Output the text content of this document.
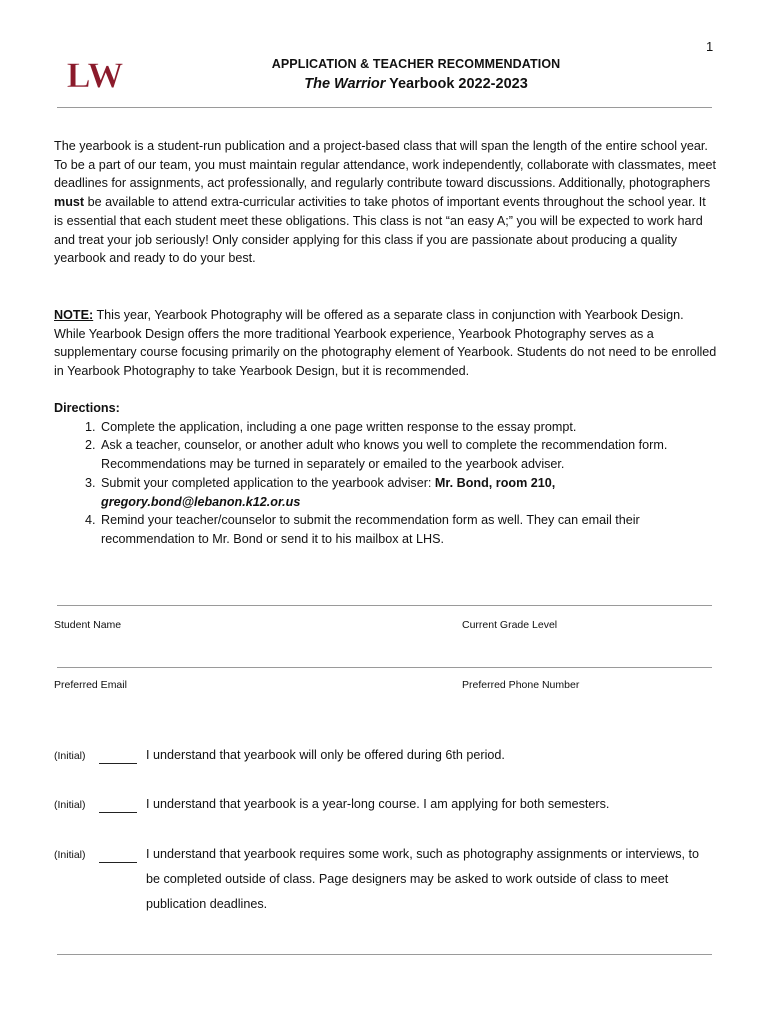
1
LW	APPLICATION & TEACHER RECOMMENDATION
The Warrior Yearbook 2022-2023

The yearbook is a student-run publication and a project-based class that will span the length of the entire school year. To be a part of our team, you must maintain regular attendance, work independently, collaborate with classmates, meet deadlines for assignments, act professionally, and regularly contribute toward discussions. Additionally, photographers must be available to attend extra-curricular activities to take photos of important events throughout the school year. It is essential that each student meet these obligations. This class is not “an easy A;” you will be expected to work hard and treat your job seriously! Only consider applying for this class if you are passionate about producing a quality yearbook and ready to do your best.

NOTE: This year, Yearbook Photography will be offered as a separate class in conjunction with Yearbook Design. While Yearbook Design offers the more traditional Yearbook experience, Yearbook Photography serves as a supplementary course focusing primarily on the photography element of Yearbook. Students do not need to be enrolled in Yearbook Photography to take Yearbook Design, but it is recommended.

Directions:
1. Complete the application, including a one page written response to the essay prompt.
2. Ask a teacher, counselor, or another adult who knows you well to complete the recommendation form. Recommendations may be turned in separately or emailed to the yearbook adviser.
3. Submit your completed application to the yearbook adviser: Mr. Bond, room 210,
gregory.bond@lebanon.k12.or.us
4. Remind your teacher/counselor to submit the recommendation form as well. They can email their recommendation to Mr. Bond or send it to his mailbox at LHS.
Student Name	Current Grade Level
Preferred Email	Preferred Phone Number
(Initial)	I understand that yearbook will only be offered during 6th period.
(Initial)	I understand that yearbook is a year-long course. I am applying for both semesters.
(Initial)	I understand that yearbook requires some work, such as photography assignments or interviews, to be completed outside of class. Page designers may be asked to work outside of class to meet publication deadlines.
